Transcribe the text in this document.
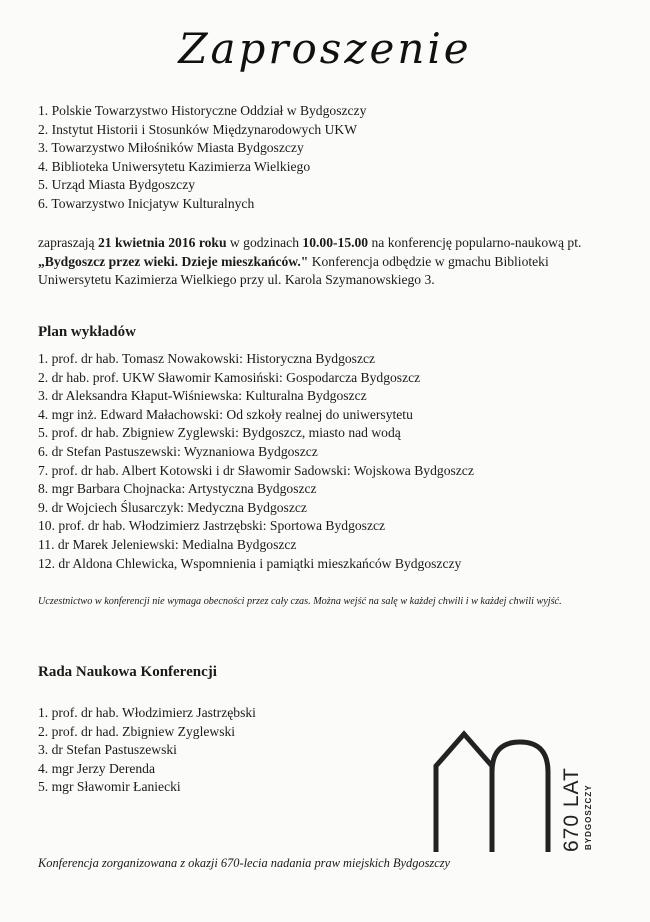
Zaproszenie
1. Polskie Towarzystwo Historyczne Oddział w Bydgoszczy
2. Instytut Historii i Stosunków Międzynarodowych UKW
3. Towarzystwo Miłośników Miasta Bydgoszczy
4. Biblioteka Uniwersytetu Kazimierza Wielkiego
5. Urząd Miasta Bydgoszczy
6. Towarzystwo Inicjatyw Kulturalnych
zapraszają 21 kwietnia 2016 roku w godzinach 10.00-15.00 na konferencję popularno-naukową pt. „Bydgoszcz przez wieki. Dzieje mieszkańców." Konferencja odbędzie w gmachu Biblioteki Uniwersytetu Kazimierza Wielkiego przy ul. Karola Szymanowskiego 3.
Plan wykładów
1. prof. dr hab. Tomasz Nowakowski: Historyczna Bydgoszcz
2. dr hab. prof. UKW Sławomir Kamosiński: Gospodarcza Bydgoszcz
3. dr Aleksandra Kłaput-Wiśniewska: Kulturalna Bydgoszcz
4. mgr inż. Edward Małachowski: Od szkoły realnej do uniwersytetu
5. prof. dr hab. Zbigniew Zyglewski: Bydgoszcz, miasto nad wodą
6. dr Stefan Pastuszewski: Wyznaniowa Bydgoszcz
7. prof. dr hab. Albert Kotowski i dr Sławomir Sadowski: Wojskowa Bydgoszcz
8. mgr Barbara Chojnacka: Artystyczna Bydgoszcz
9. dr Wojciech Ślusarczyk: Medyczna Bydgoszcz
10. prof. dr hab. Włodzimierz Jastrzębski: Sportowa Bydgoszcz
11. dr Marek Jeleniewski: Medialna Bydgoszcz
12. dr Aldona Chlewicka, Wspomnienia i pamiątki mieszkańców Bydgoszczy
Uczestnictwo w konferencji nie wymaga obecności przez cały czas. Można wejść na salę w każdej chwili i w każdej chwili wyjść.
Rada Naukowa Konferencji
1. prof. dr hab. Włodzimierz Jastrzębski
2. prof. dr had. Zbigniew Zyglewski
3. dr Stefan Pastuszewski
4. mgr Jerzy Derenda
5. mgr Sławomir Łaniecki	670 LAT BYDGOSZCZY
Konferencja zorganizowana z okazji 670-lecia nadania praw miejskich Bydgoszczy
